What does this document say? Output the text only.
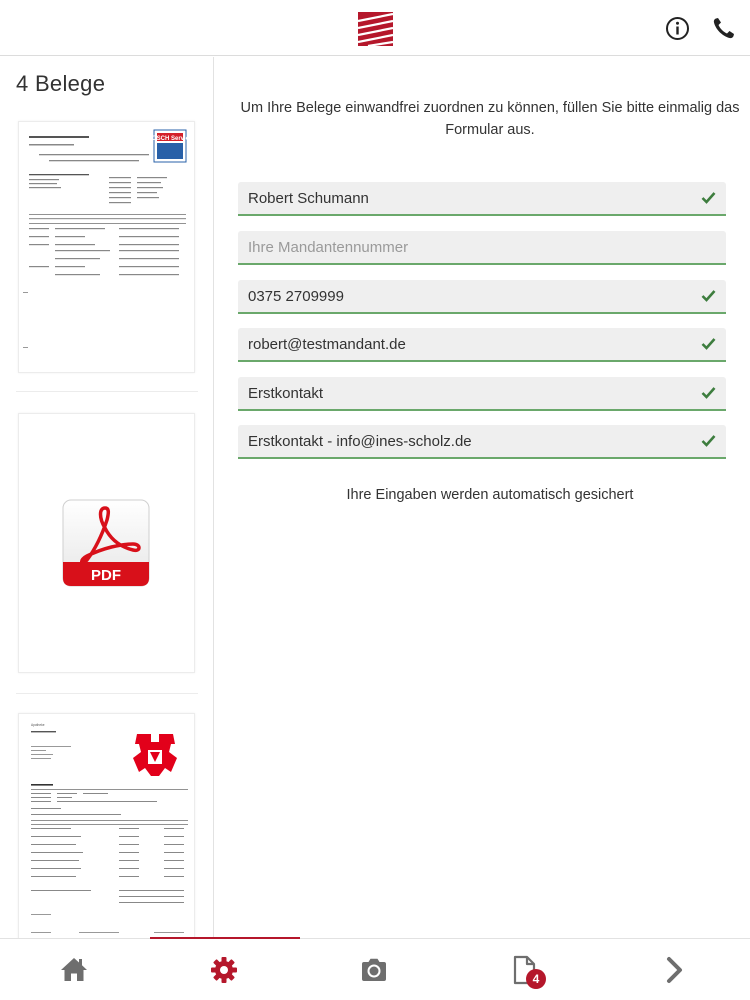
4 Belege
BOSCH Service
PDF
Apotheke
Um Ihre Belege einwandfrei zuordnen zu können, füllen Sie bitte einmalig das Formular aus.
Robert Schumann
Ihre Mandantennummer
0375 2709999
robert@testmandant.de
Erstkontakt
Erstkontakt - info@ines-scholz.de
Ihre Eingaben werden automatisch gesichert
4
